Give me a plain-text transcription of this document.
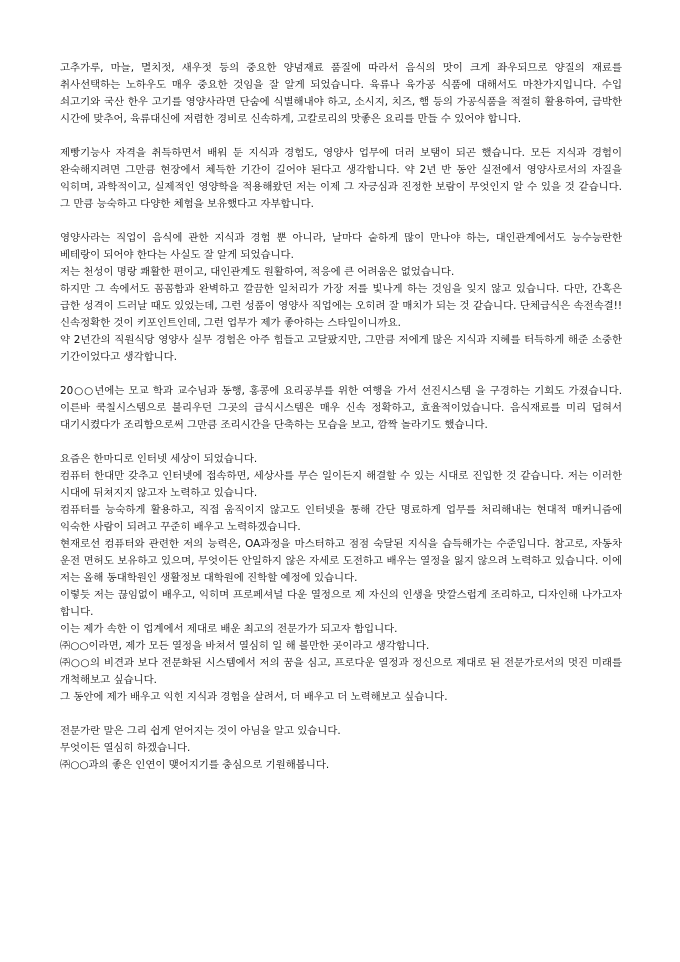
고추가루, 마늘, 멸치젓, 새우젓 등의 중요한 양념재료 품질에 따라서 음식의 맛이 크게 좌우되므로 양질의 재료를 취사선택하는 노하우도 매우 중요한 것임을 잘 알게 되었습니다. 육류나 육가공 식품에 대해서도 마찬가지입니다. 수입 쇠고기와 국산 한우 고기를 영양사라면 단숨에 식별해내야 하고, 소시지, 치즈, 햄 등의 가공식품을 적절히 활용하여, 급박한 시간에 맞추어, 육류대신에 저렴한 경비로 신속하게, 고칼로리의 맛좋은 요리를 만들 수 있어야 합니다.

제빵기능사 자격을 취득하면서 배워 둔 지식과 경험도, 영양사 업무에 더러 보탬이 되곤 했습니다. 모든 지식과 경험이 완숙해지려면 그만큼 현장에서 체득한 기간이 길어야 된다고 생각합니다. 약 2년 반 동안 실전에서 영양사로서의 자질을 익히며, 과학적이고, 실제적인 영양학을 적용해왔던 저는 이제 그 자긍심과 진정한 보람이 무엇인지 알 수 있을 것 같습니다. 그 만큼 능숙하고 다양한 체험을 보유했다고 자부합니다.

영양사라는 직업이 음식에 관한 지식과 경험 뿐 아니라, 날마다 숱하게 많이 만나야 하는, 대인관계에서도 능수능란한 베테랑이 되어야 한다는 사실도 잘 알게 되었습니다.

저는 천성이 명랑 쾌활한 편이고, 대인관계도 원활하여, 적응에 큰 어려움은 없었습니다.

하지만 그 속에서도 꼼꼼함과 완벽하고 깔끔한 일처리가 가장 저를 빛나게 하는 것임을 잊지 않고 있습니다. 다만, 간혹은 급한 성격이 드러날 때도 있었는데, 그런 성품이 영양사 직업에는 오히려 잘 매치가 되는 것 같습니다. 단체급식은 속전속결!! 신속정확한 것이 키포인트인데, 그런 업무가 제가 좋아하는 스타일이니까요.

약 2년간의 직원식당 영양사 실무 경험은 아주 힘들고 고달팠지만, 그만큼 저에게 많은 지식과 지혜를 터득하게 해준 소중한 기간이었다고 생각합니다.

20○○년에는 모교 학과 교수님과 동행, 홍콩에 요리공부를 위한 여행을 가서 선진시스템 을 구경하는 기회도 가졌습니다. 이른바 쿡칠시스템으로 불리우던 그곳의 급식시스템은 매우 신속 정확하고, 효율적이었습니다. 음식재료를 미리 덥혀서 대기시켰다가 조리함으로써 그만큼 조리시간을 단축하는 모습을 보고, 깜짝 놀라기도 했습니다.

요즘은 한마디로 인터넷 세상이 되었습니다.

컴퓨터 한대만 갖추고 인터넷에 접속하면, 세상사를 무슨 일이든지 해결할 수 있는 시대로 진입한 것 같습니다. 저는 이러한 시대에 뒤쳐지지 않고자 노력하고 있습니다.

컴퓨터를 능숙하게 활용하고, 직접 움직이지 않고도 인터넷을 통해 간단 명료하게 업무를 처리해내는 현대적 매커니즘에 익숙한 사람이 되려고 꾸준히 배우고 노력하겠습니다.

현재로선 컴퓨터와 관련한 저의 능력은, OA과정을 마스터하고 점점 숙달된 지식을 습득해가는 수준입니다. 참고로, 자동차 운전 면허도 보유하고 있으며, 무엇이든 안일하지 않은 자세로 도전하고 배우는 열정을 잃지 않으려 노력하고 있습니다. 이에 저는 올해 동대학원인 생활정보 대학원에 진학할 예정에 있습니다.

이렇듯 저는 끊임없이 배우고, 익히며 프로페셔널 다운 열정으로 제 자신의 인생을 맛깔스럽게 조리하고, 디자인해 나가고자 합니다.

이는 제가 속한 이 업계에서 제대로 배운 최고의 전문가가 되고자 함입니다.

㈜○○이라면, 제가 모든 열정을 바쳐서 열심히 일 해 볼만한 곳이라고 생각합니다.

㈜○○의 비견과 보다 전문화된 시스템에서 저의 꿈을 심고, 프로다운 열정과 정신으로 제대로 된 전문가로서의 멋진 미래를 개척해보고 싶습니다.

그 동안에 제가 배우고 익힌 지식과 경험을 살려서, 더 배우고 더 노력해보고 싶습니다.

전문가란 말은 그리 쉽게 얻어지는 것이 아님을 알고 있습니다.

무엇이든 열심히 하겠습니다.

㈜○○과의 좋은 인연이 맺어지기를 충심으로 기원해봅니다.
